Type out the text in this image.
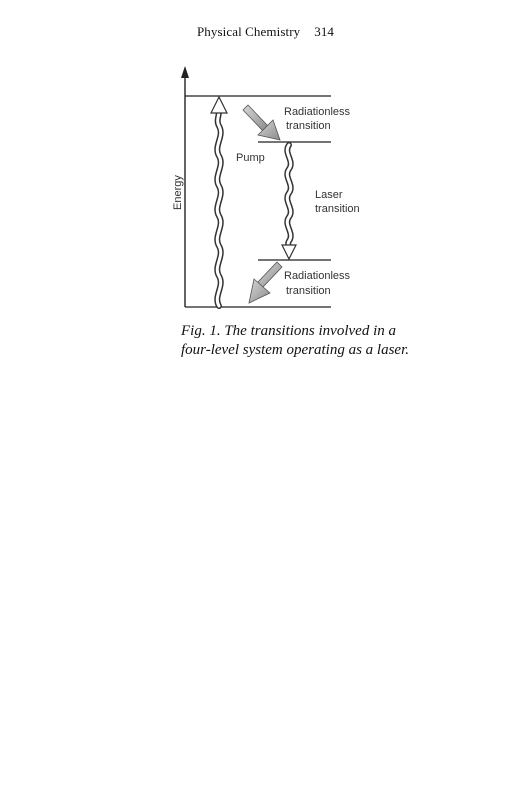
Physical Chemistry 314
Energy
Pump
Radiationless
transition
Laser
transition
Radiationless
transition
Fig. 1. The transitions involved in a
four-level system operating as a laser.
